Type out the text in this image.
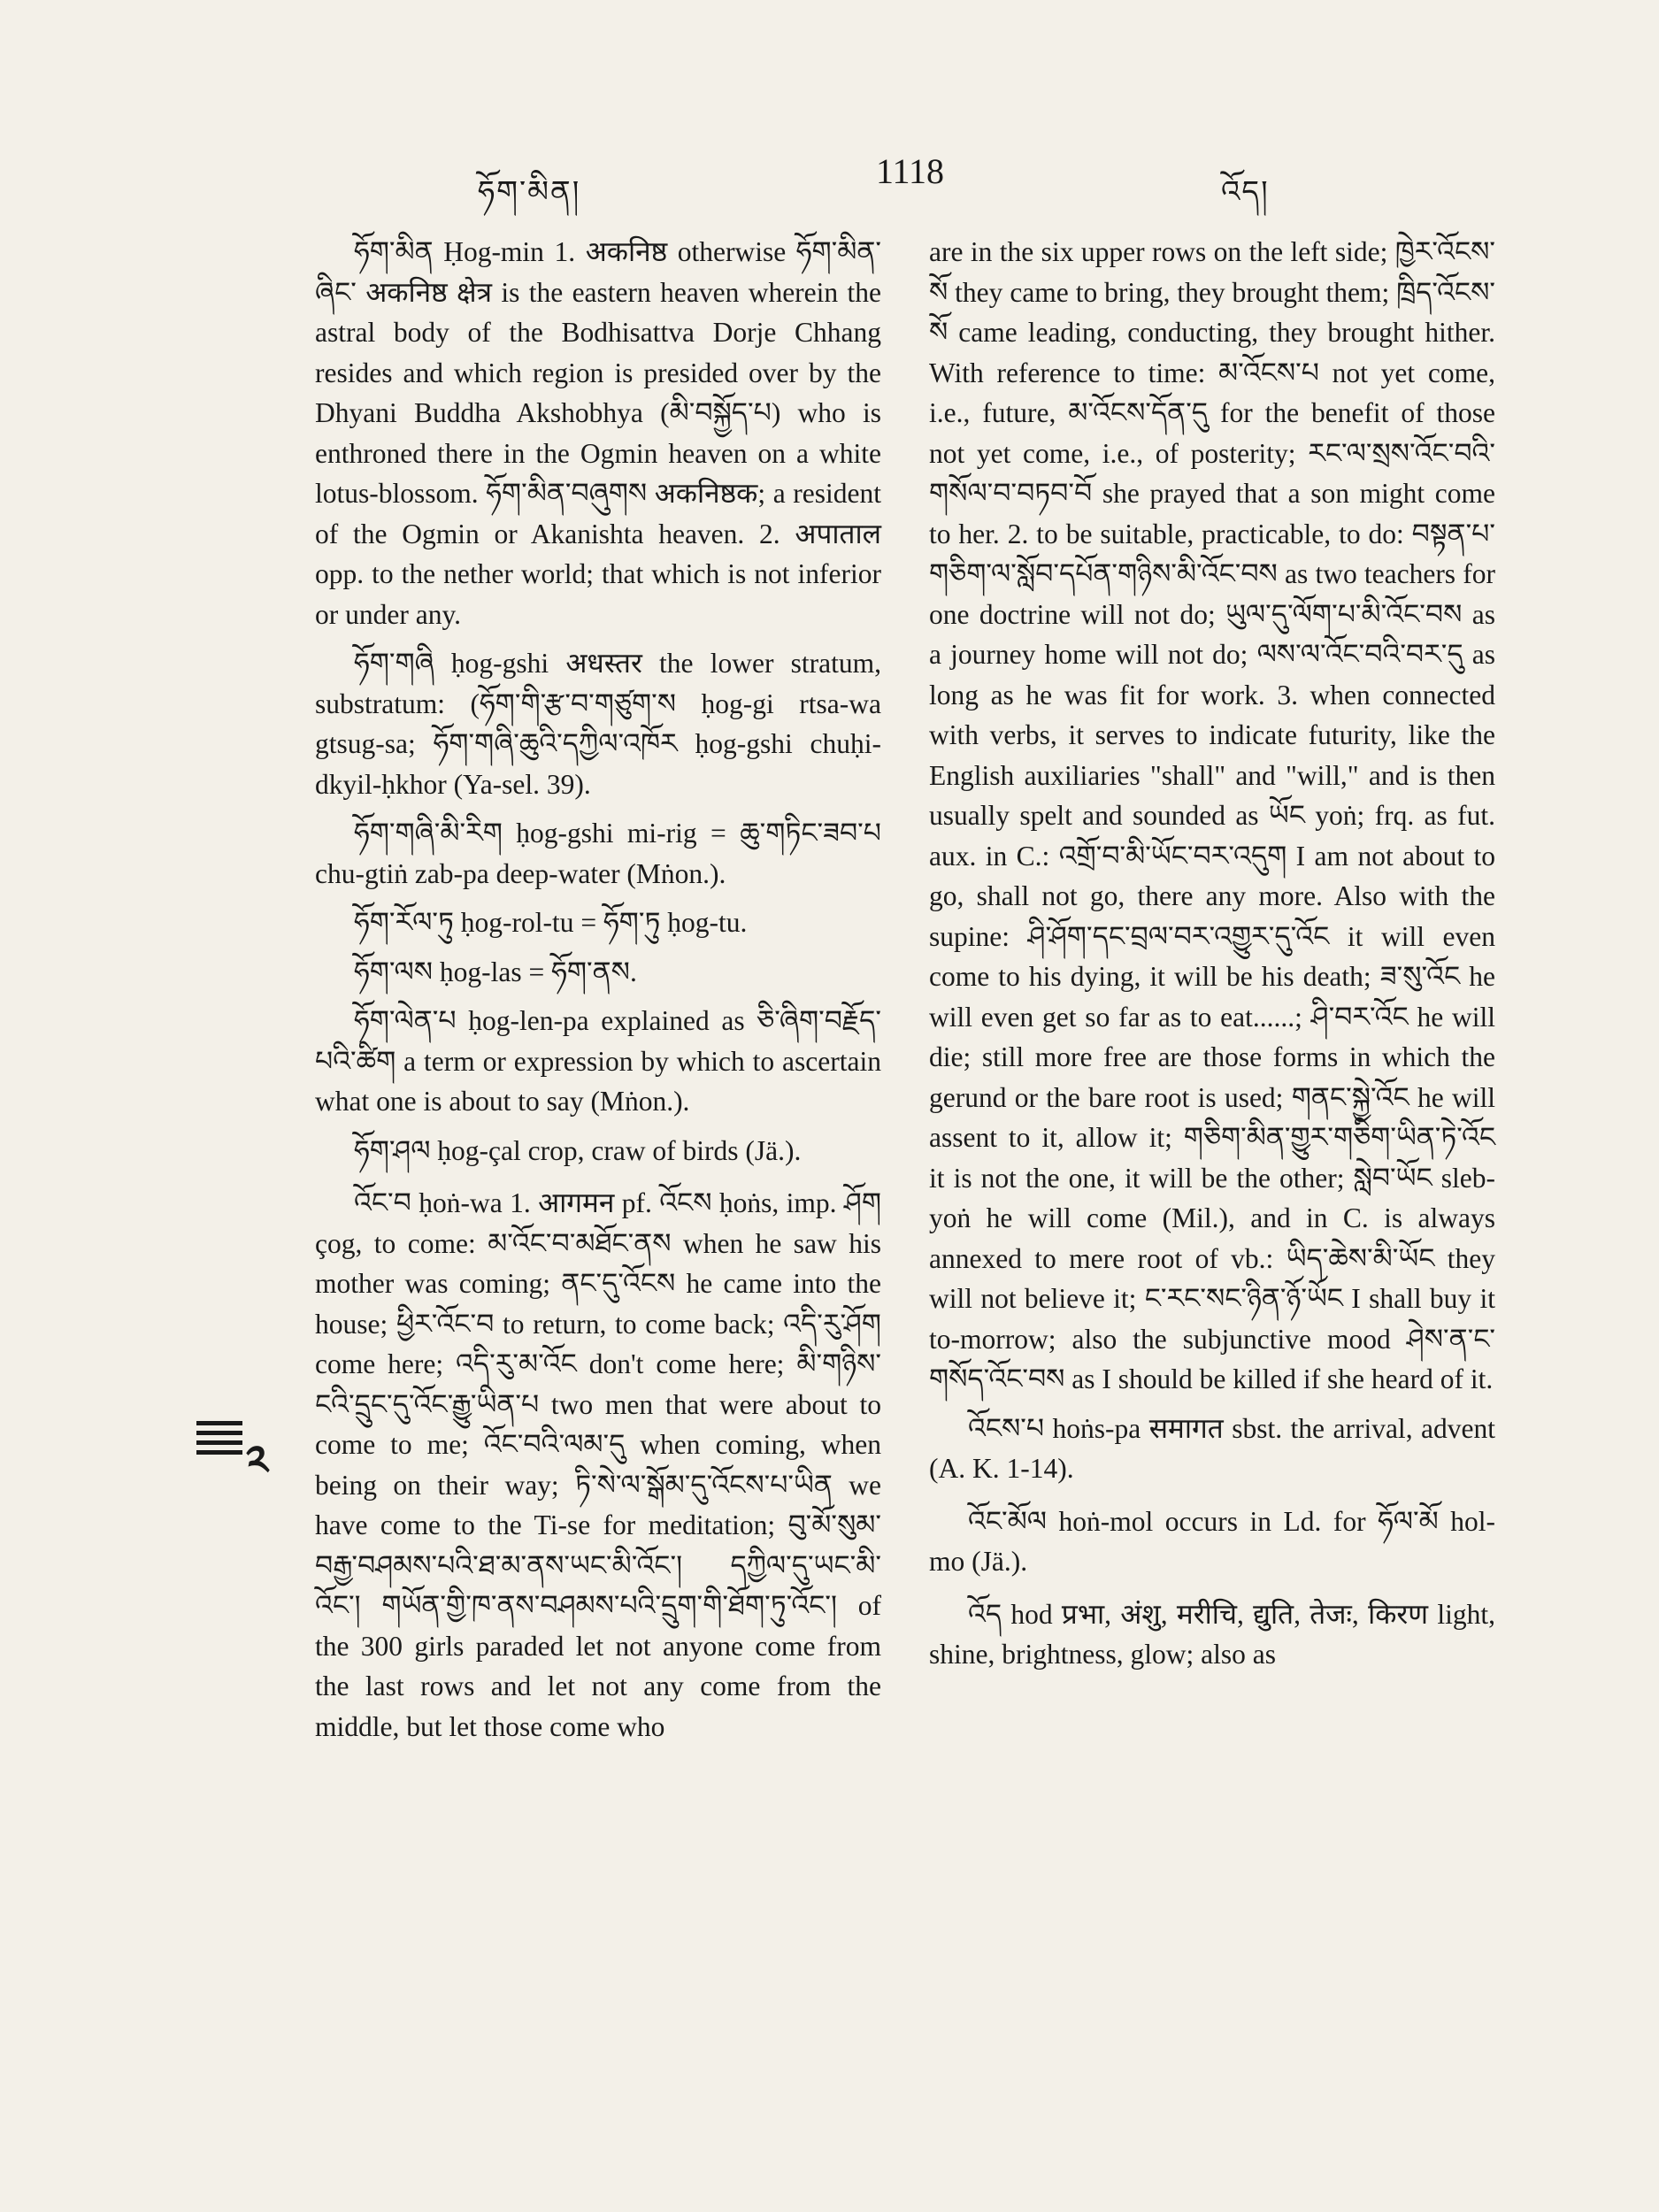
ཧོག་མིན།
1118
འོད།

ཧོག་མིན Ḥog-min 1. अकनिष्ठ otherwise ཧོག་མིན་ཞིང་ अकनिष्ठ क्षेत्र is the eastern heaven wherein the astral body of the Bodhisattva Dorje Chhang resides and which region is presided over by the Dhyani Buddha Akshobhya (མི་བསྐྱོད་པ) who is enthroned there in the Ogmin heaven on a white lotus-blossom. ཧོག་མིན་བཞུགས अकनिष्ठक; a resident of the Ogmin or Akanishta heaven. 2. अपाताल opp. to the nether world; that which is not inferior or under any.

ཧོག་གཞི ḥog-gshi अधस्तर the lower stratum, substratum: (ཧོག་གི་རྩ་བ་གཙུག་ས ḥog-gi rtsa-wa gtsug-sa; ཧོག་གཞི་ཆུའི་དཀྱིལ་འཁོར ḥog-gshi chuḥi-dkyil-ḥkhor (Ya-sel. 39).

ཧོག་གཞི་མི་རིག ḥog-gshi mi-rig = ཆུ་གཏིང་ཟབ་པ chu-gtiṅ zab-pa deep-water (Mṅon.).

ཧོག་རོལ་ཏུ ḥog-rol-tu = ཧོག་ཏུ ḥog-tu.

ཧོག་ལས ḥog-las = ཧོག་ནས.

ཧོག་ལེན་པ ḥog-len-pa explained as ཅི་ཞིག་བརྗོད་པའི་ཚིག a term or expression by which to ascertain what one is about to say (Mṅon.).

ཧོག་ཤལ ḥog-çal crop, craw of birds (Jä.).

འོང་བ ḥoṅ-wa 1. आगमन pf. འོངས ḥoṅs, imp. ཤོག çog, to come: མ་འོང་བ་མཐོང་ནས when he saw his mother was coming; ནང་དུ་འོངས he came into the house; ཕྱིར་འོང་བ to return, to come back; འདི་རུ་ཤོག come here; འདི་རུ་མ་འོང don't come here; མི་གཉིས་ངའི་དྲུང་དུ་འོང་རྒྱུ་ཡིན་པ two men that were about to come to me; འོང་བའི་ལམ་དུ when coming, when being on their way; ཏི་སེ་ལ་སྒོམ་དུ་འོངས་པ་ཡིན we have come to the Ti-se for meditation; བུ་མོ་སུམ་བརྒྱ་བཤམས་པའི་ཐ་མ་ནས་ཡང་མི་འོང་། དཀྱིལ་དུ་ཡང་མི་འོང་། གཡོན་གྱི་ཁ་ནས་བཤམས་པའི་དྲུག་གི་ཐོག་ཏུ་འོང་། of the 300 girls paraded let not anyone come from the last rows and let not any come from the middle, but let those come who

༢

are in the six upper rows on the left side; ཁྱེར་འོངས་སོ they came to bring, they brought them; ཁྲིད་འོངས་སོ came leading, conducting, they brought hither. With reference to time: མ་འོངས་པ not yet come, i.e., future, མ་འོངས་དོན་དུ for the benefit of those not yet come, i.e., of posterity; རང་ལ་སྲས་འོང་བའི་གསོལ་བ་བཏབ་བོ she prayed that a son might come to her. 2. to be suitable, practicable, to do: བསྟན་པ་གཅིག་ལ་སློབ་དཔོན་གཉིས་མི་འོང་བས as two teachers for one doctrine will not do; ཡུལ་དུ་ལོག་པ་མི་འོང་བས as a journey home will not do; ལས་ལ་འོང་བའི་བར་དུ as long as he was fit for work. 3. when connected with verbs, it serves to indicate futurity, like the English auxiliaries "shall" and "will," and is then usually spelt and sounded as ཡོང yoṅ; frq. as fut. aux. in C.: འགྲོ་བ་མི་ཡོང་བར་འདུག I am not about to go, shall not go, there any more. Also with the supine: ཤི་ཤོག་དང་བྲལ་བར་འགྱུར་དུ་འོང it will even come to his dying, it will be his death; ཟ་སུ་འོང he will even get so far as to eat......; ཤི་བར་འོང he will die; still more free are those forms in which the gerund or the bare root is used; གནང་སྐྱེ་འོང he will assent to it, allow it; གཅིག་མིན་གྱུར་གཅིག་ཡིན་ཏེ་འོང it is not the one, it will be the other; སླེབ་ཡོང sleb-yoṅ he will come (Mil.), and in C. is always annexed to mere root of vb.: ཡིད་ཆེས་མི་ཡོང they will not believe it; ང་རང་སང་ཉིན་ཉོ་ཡོང I shall buy it to-morrow; also the subjunctive mood ཤེས་ན་ང་གསོད་འོང་བས as I should be killed if she heard of it.

འོངས་པ hoṅs-pa समागत sbst. the arrival, advent (A. K. 1-14).

འོང་མོལ hoṅ-mol occurs in Ld. for ཧོལ་མོ hol-mo (Jä.).

འོད hod प्रभा, अंशु, मरीचि, द्युति, तेजः, किरण light, shine, brightness, glow; also as
